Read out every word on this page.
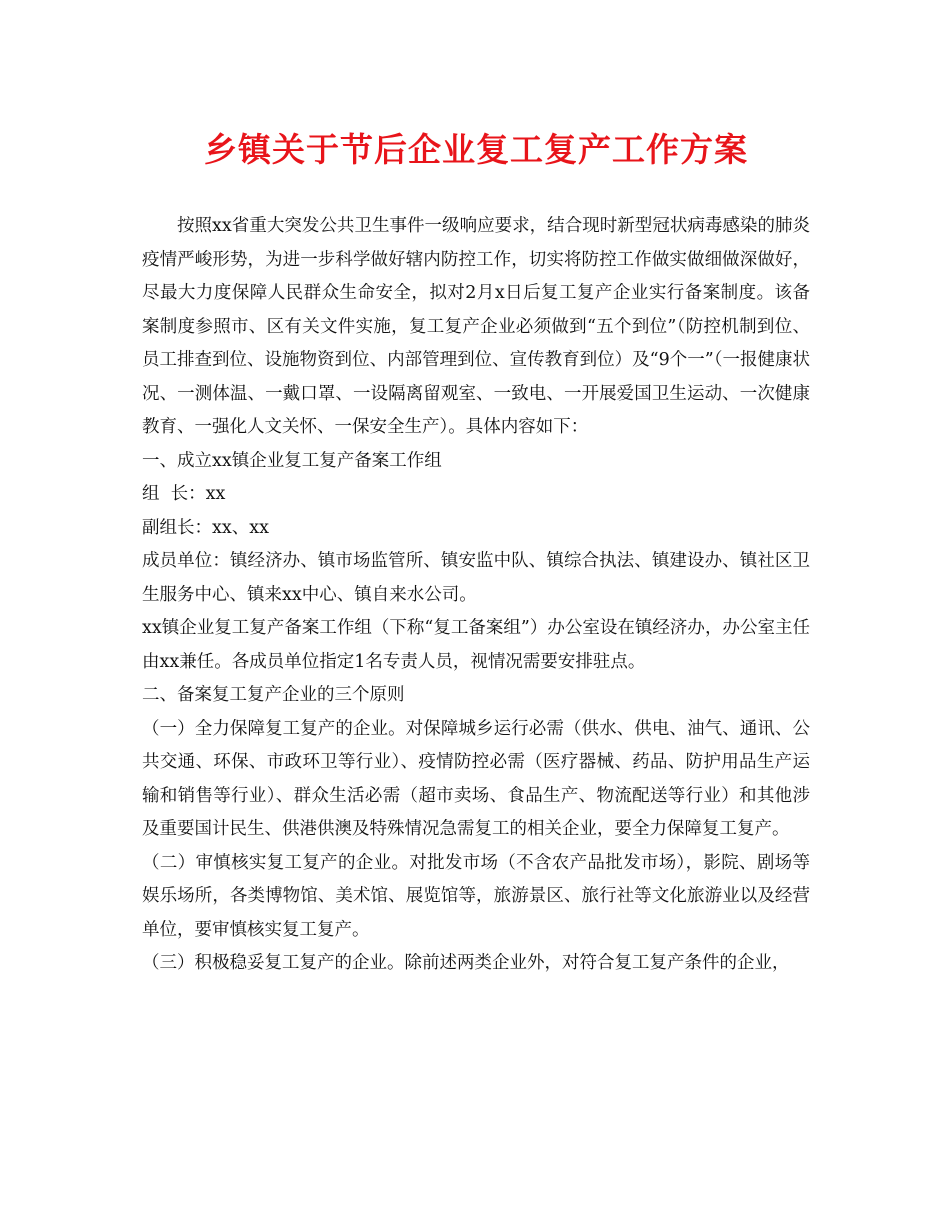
乡镇关于节后企业复工复产工作方案

按照xx省重大突发公共卫生事件一级响应要求，结合现时新型冠状病毒感染的肺炎疫情严峻形势，为进一步科学做好辖内防控工作，切实将防控工作做实做细做深做好，尽最大力度保障人民群众生命安全，拟对2月x日后复工复产企业实行备案制度。该备案制度参照市、区有关文件实施，复工复产企业必须做到“五个到位”（防控机制到位、员工排查到位、设施物资到位、内部管理到位、宣传教育到位）及“9个一”（一报健康状况、一测体温、一戴口罩、一设隔离留观室、一致电、一开展爱国卫生运动、一次健康教育、一强化人文关怀、一保安全生产）。具体内容如下：

一、成立xx镇企业复工复产备案工作组

组  长：xx

副组长：xx、xx

成员单位：镇经济办、镇市场监管所、镇安监中队、镇综合执法、镇建设办、镇社区卫生服务中心、镇来xx中心、镇自来水公司。

xx镇企业复工复产备案工作组（下称“复工备案组”）办公室设在镇经济办，办公室主任由xx兼任。各成员单位指定1名专责人员，视情况需要安排驻点。

二、备案复工复产企业的三个原则

（一）全力保障复工复产的企业。对保障城乡运行必需（供水、供电、油气、通讯、公共交通、环保、市政环卫等行业）、疫情防控必需（医疗器械、药品、防护用品生产运输和销售等行业）、群众生活必需（超市卖场、食品生产、物流配送等行业）和其他涉及重要国计民生、供港供澳及特殊情况急需复工的相关企业，要全力保障复工复产。

（二）审慎核实复工复产的企业。对批发市场（不含农产品批发市场），影院、剧场等娱乐场所，各类博物馆、美术馆、展览馆等，旅游景区、旅行社等文化旅游业以及经营单位，要审慎核实复工复产。

（三）积极稳妥复工复产的企业。除前述两类企业外，对符合复工复产条件的企业，
